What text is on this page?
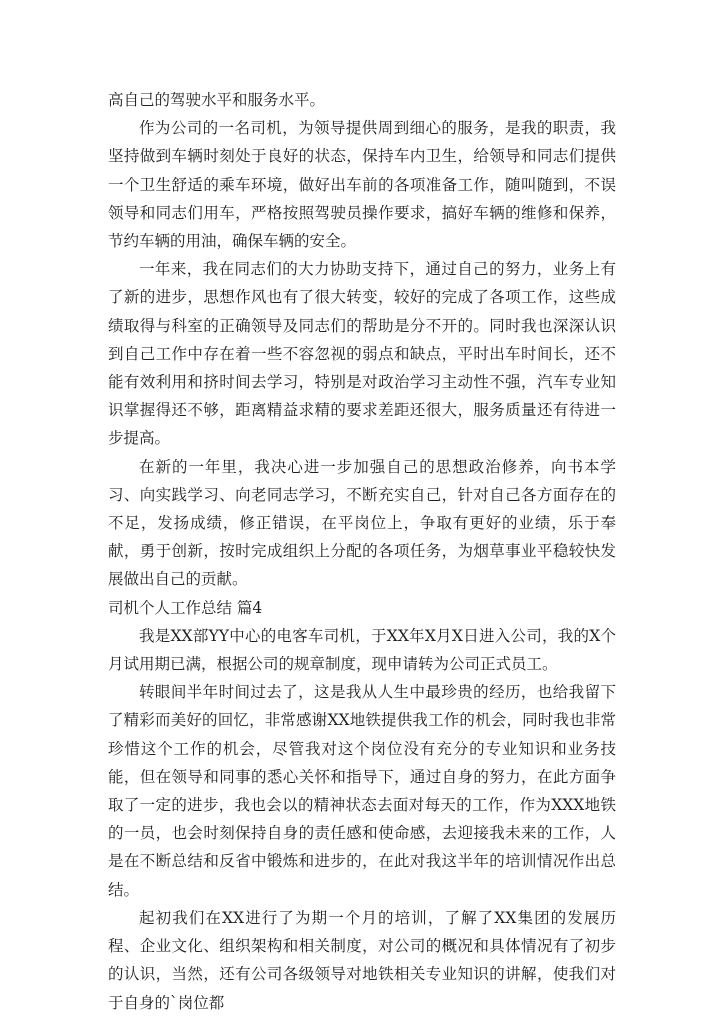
高自己的驾驶水平和服务水平。

作为公司的一名司机，为领导提供周到细心的服务，是我的职责，我坚持做到车辆时刻处于良好的状态，保持车内卫生，给领导和同志们提供一个卫生舒适的乘车环境，做好出车前的各项准备工作，随叫随到，不误领导和同志们用车，严格按照驾驶员操作要求，搞好车辆的维修和保养，节约车辆的用油，确保车辆的安全。

一年来，我在同志们的大力协助支持下，通过自己的努力，业务上有了新的进步，思想作风也有了很大转变，较好的完成了各项工作，这些成绩取得与科室的正确领导及同志们的帮助是分不开的。同时我也深深认识到自己工作中存在着一些不容忽视的弱点和缺点，平时出车时间长，还不能有效利用和挤时间去学习，特别是对政治学习主动性不强，汽车专业知识掌握得还不够，距离精益求精的要求差距还很大，服务质量还有待进一步提高。

在新的一年里，我决心进一步加强自己的思想政治修养，向书本学习、向实践学习、向老同志学习，不断充实自己，针对自己各方面存在的不足，发扬成绩，修正错误，在平岗位上，争取有更好的业绩，乐于奉献，勇于创新，按时完成组织上分配的各项任务，为烟草事业平稳较快发展做出自己的贡献。

司机个人工作总结 篇4

我是XX部YY中心的电客车司机，于XX年X月X日进入公司，我的X个月试用期已满，根据公司的规章制度，现申请转为公司正式员工。

转眼间半年时间过去了，这是我从人生中最珍贵的经历，也给我留下了精彩而美好的回忆，非常感谢XX地铁提供我工作的机会，同时我也非常珍惜这个工作的机会，尽管我对这个岗位没有充分的专业知识和业务技能，但在领导和同事的悉心关怀和指导下，通过自身的努力，在此方面争取了一定的进步，我也会以的精神状态去面对每天的工作，作为XXX地铁的一员，也会时刻保持自身的责任感和使命感，去迎接我未来的工作，人是在不断总结和反省中锻炼和进步的，在此对我这半年的培训情况作出总结。

起初我们在XX进行了为期一个月的培训，了解了XX集团的发展历程、企业文化、组织架构和相关制度，对公司的概况和具体情况有了初步的认识，当然，还有公司各级领导对地铁相关专业知识的讲解，使我们对于自身的`岗位都
